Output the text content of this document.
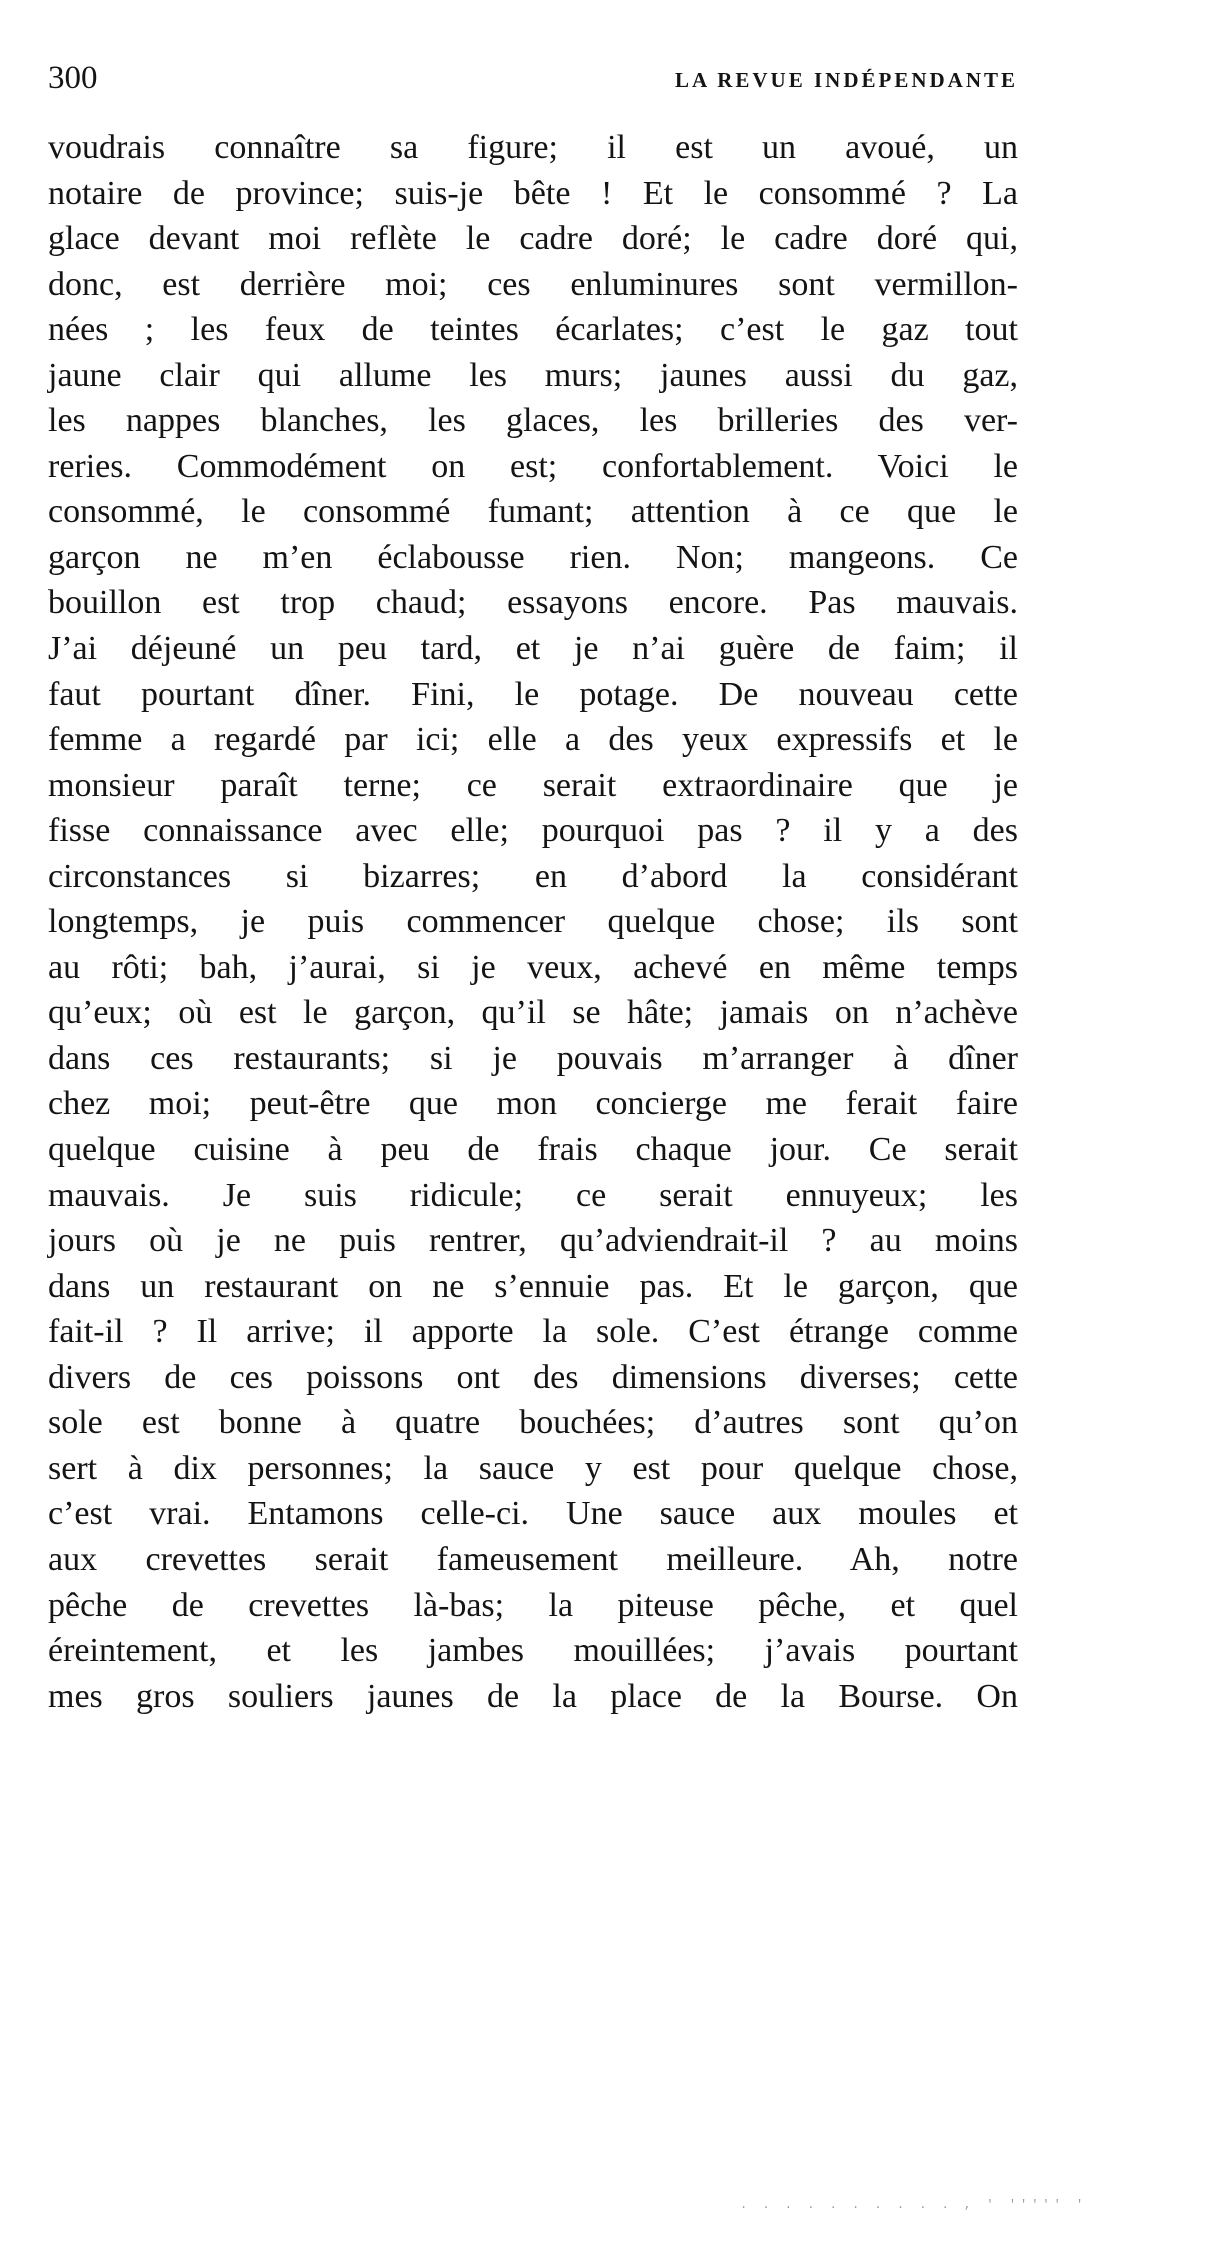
300	LA REVUE INDÉPENDANTE
voudrais connaître sa figure; il est un avoué, un
notaire de province; suis-je bête ! Et le consommé ? La
glace devant moi reflète le cadre doré; le cadre doré qui,
donc, est derrière moi; ces enluminures sont vermillon-
nées ; les feux de teintes écarlates; c’est le gaz tout
jaune clair qui allume les murs; jaunes aussi du gaz,
les nappes blanches, les glaces, les brilleries des ver-
reries. Commodément on est; confortablement. Voici le
consommé, le consommé fumant; attention à ce que le
garçon ne m’en éclabousse rien. Non; mangeons. Ce
bouillon est trop chaud; essayons encore. Pas mauvais.
J’ai déjeuné un peu tard, et je n’ai guère de faim; il
faut pourtant dîner. Fini, le potage. De nouveau cette
femme a regardé par ici; elle a des yeux expressifs et le
monsieur paraît terne; ce serait extraordinaire que je
fisse connaissance avec elle; pourquoi pas ? il y a des
circonstances si bizarres; en d’abord la considérant
longtemps, je puis commencer quelque chose; ils sont
au rôti; bah, j’aurai, si je veux, achevé en même temps
qu’eux; où est le garçon, qu’il se hâte; jamais on n’achève
dans ces restaurants; si je pouvais m’arranger à dîner
chez moi; peut-être que mon concierge me ferait faire
quelque cuisine à peu de frais chaque jour. Ce serait
mauvais. Je suis ridicule; ce serait ennuyeux; les
jours où je ne puis rentrer, qu’adviendrait-il ? au moins
dans un restaurant on ne s’ennuie pas. Et le garçon, que
fait-il ? Il arrive; il apporte la sole. C’est étrange comme
divers de ces poissons ont des dimensions diverses; cette
sole est bonne à quatre bouchées; d’autres sont qu’on
sert à dix personnes; la sauce y est pour quelque chose,
c’est vrai. Entamons celle-ci. Une sauce aux moules et
aux crevettes serait fameusement meilleure. Ah, notre
pêche de crevettes là-bas; la piteuse pêche, et quel
éreintement, et les jambes mouillées; j’avais pourtant
mes gros souliers jaunes de la place de la Bourse. On
. . . . . . . . . . , ' ''''' '
